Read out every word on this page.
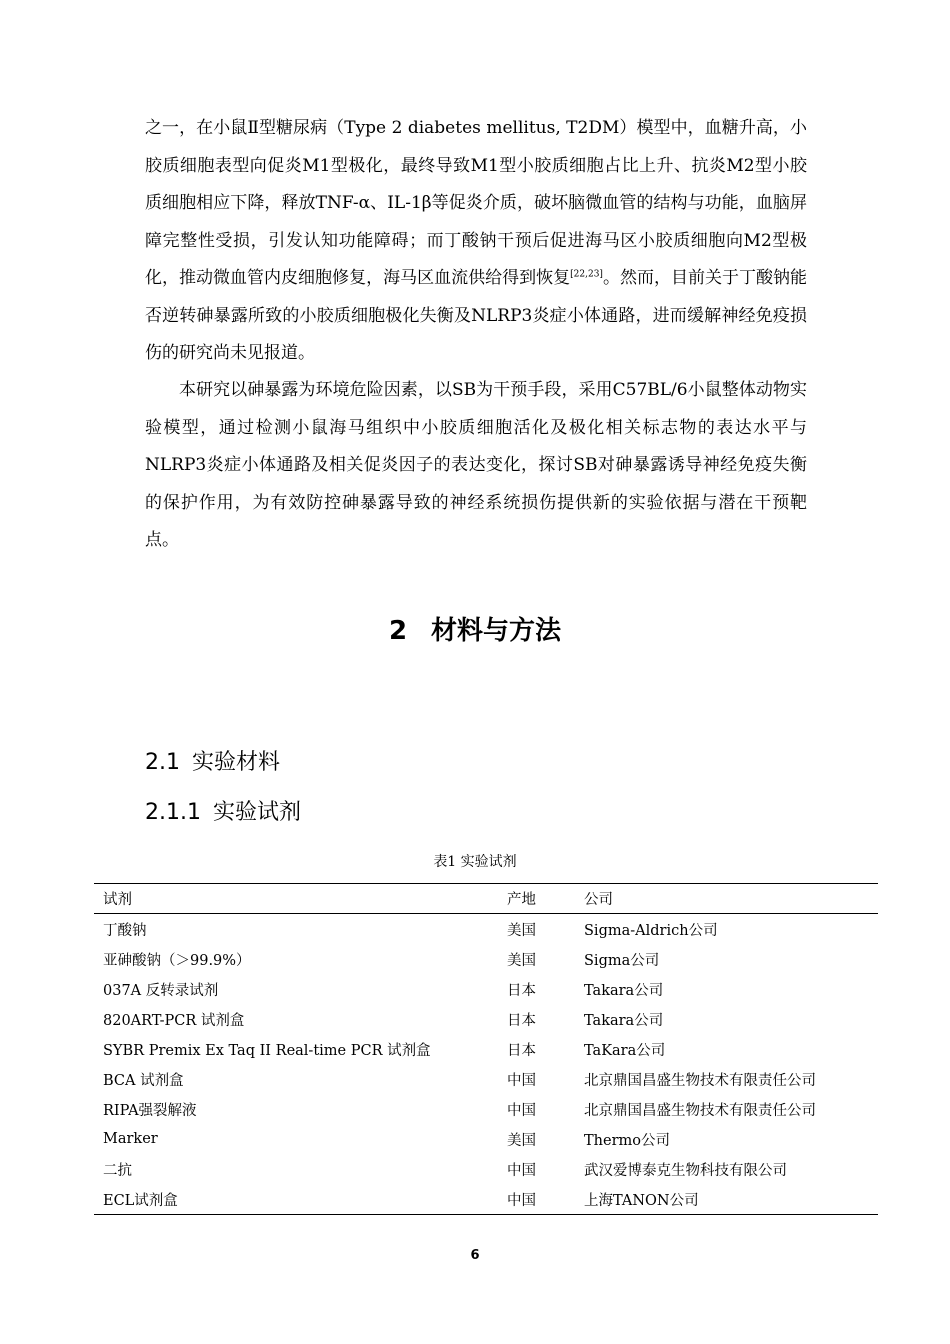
之一，在小鼠Ⅱ型糖尿病（Type 2 diabetes mellitus, T2DM）模型中，血糖升高，小胶质细胞表型向促炎M1型极化，最终导致M1型小胶质细胞占比上升、抗炎M2型小胶质细胞相应下降，释放TNF-α、IL-1β等促炎介质，破坏脑微血管的结构与功能，血脑屏障完整性受损，引发认知功能障碍；而丁酸钠干预后促进海马区小胶质细胞向M2型极化，推动微血管内皮细胞修复，海马区血流供给得到恢复[22,23]。然而，目前关于丁酸钠能否逆转砷暴露所致的小胶质细胞极化失衡及NLRP3炎症小体通路，进而缓解神经免疫损伤的研究尚未见报道。

本研究以砷暴露为环境危险因素，以SB为干预手段，采用C57BL/6小鼠整体动物实验模型，通过检测小鼠海马组织中小胶质细胞活化及极化相关标志物的表达水平与NLRP3炎症小体通路及相关促炎因子的表达变化，探讨SB对砷暴露诱导神经免疫失衡的保护作用，为有效防控砷暴露导致的神经系统损伤提供新的实验依据与潜在干预靶点。

2 材料与方法
2.1 实验材料
2.1.1 实验试剂
表1 实验试剂
试剂	产地	公司
丁酸钠	美国	Sigma-Aldrich公司
亚砷酸钠（＞99.9%）	美国	Sigma公司
037A 反转录试剂	日本	Takara公司
820ART-PCR 试剂盒	日本	Takara公司
SYBR Premix Ex Taq II Real-time PCR 试剂盒	日本	TaKara公司
BCA 试剂盒	中国	北京鼎国昌盛生物技术有限责任公司
RIPA强裂解液	中国	北京鼎国昌盛生物技术有限责任公司
Marker	美国	Thermo公司
二抗	中国	武汉爱博泰克生物科技有限公司
ECL试剂盒	中国	上海TANON公司
6
